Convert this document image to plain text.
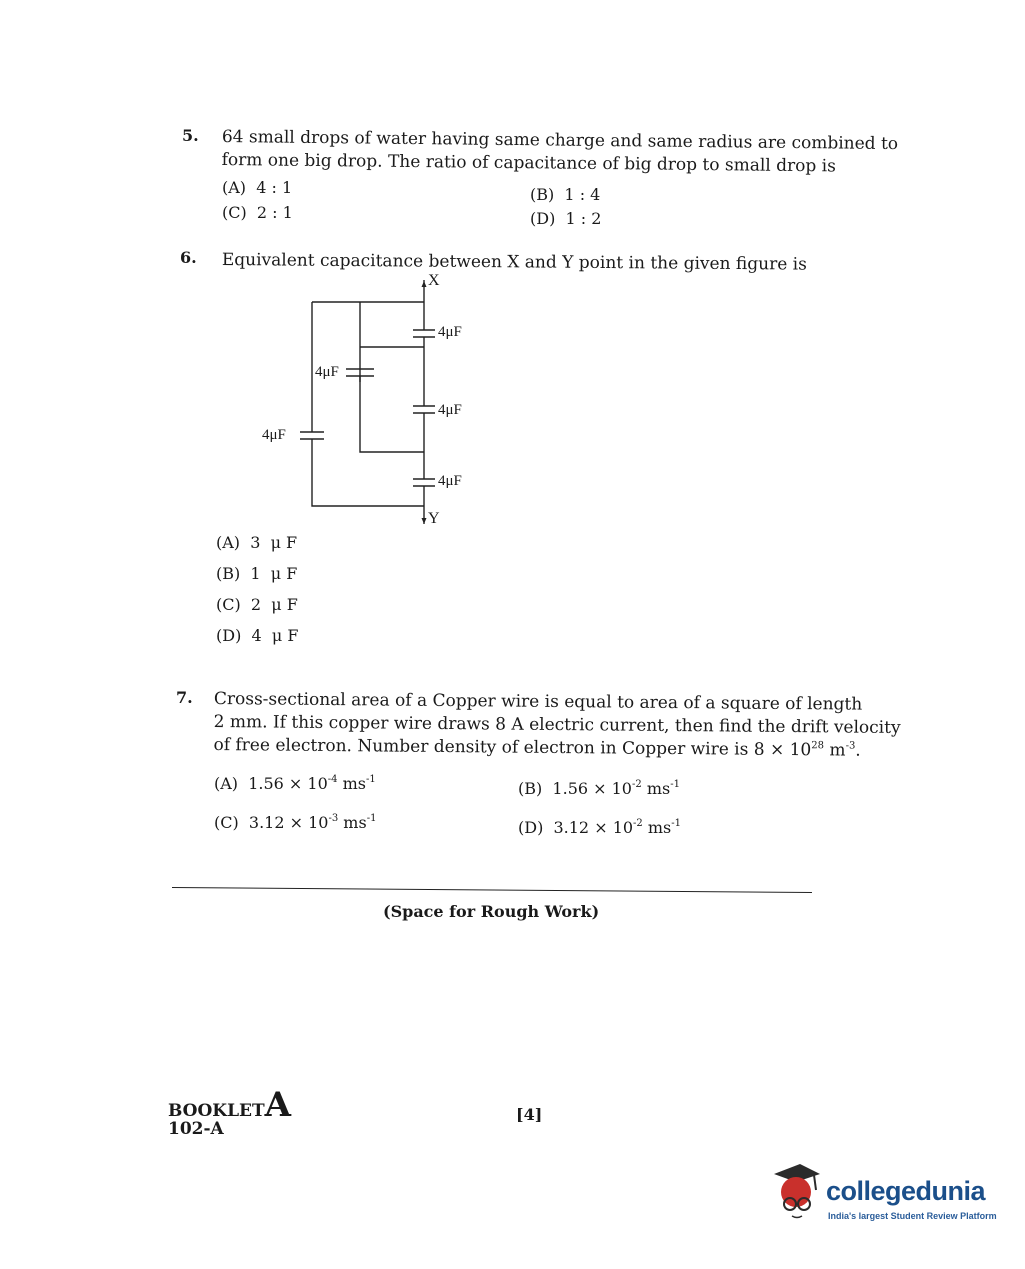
5. 64 small drops of water having same charge and same radius are combined to
form one big drop. The ratio of capacitance of big drop to small drop is
(A) 4 : 1	(B) 1 : 4
(C) 2 : 1	(D) 1 : 2
6. Equivalent capacitance between X and Y point in the given figure is
X
Y
4μF
4μF
4μF
4μF
4μF
(A) 3  μ F
(B) 1  μ F
(C) 2  μ F
(D) 4  μ F
7. Cross-sectional area of a Copper wire is equal to area of a square of length
2 mm. If this copper wire draws 8 A electric current, then find the drift velocity
of free electron. Number density of electron in Copper wire is $8 \times 10^{28}$ $m^{-3}$.
(A) $1.56 \times 10^{-4}$ $ms^{-1}$	(B) $1.56 \times 10^{-2}$ $ms^{-1}$
(C) $3.12 \times 10^{-3}$ $ms^{-1}$	(D) $3.12 \times 10^{-2}$ $ms^{-1}$
(Space for Rough Work)
BOOKLETA
102-A
[4]
collegedunia
India's largest Student Review Platform
